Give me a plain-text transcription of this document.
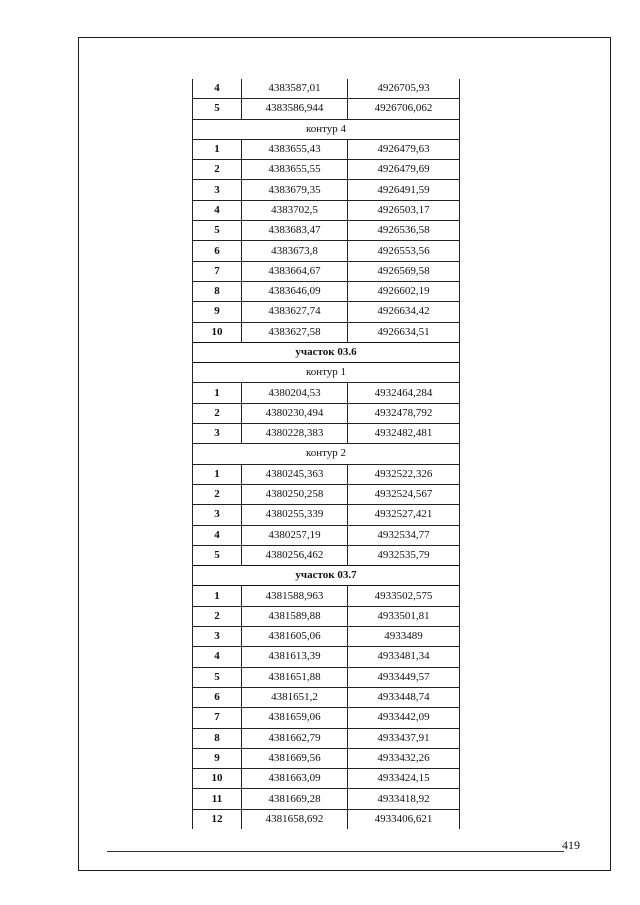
4	4383587,01	4926705,93
5	4383586,944	4926706,062
контур 4		
1	4383655,43	4926479,63
2	4383655,55	4926479,69
3	4383679,35	4926491,59
4	4383702,5	4926503,17
5	4383683,47	4926536,58
6	4383673,8	4926553,56
7	4383664,67	4926569,58
8	4383646,09	4926602,19
9	4383627,74	4926634,42
10	4383627,58	4926634,51
участок 03.6		
контур 1		
1	4380204,53	4932464,284
2	4380230,494	4932478,792
3	4380228,383	4932482,481
контур 2		
1	4380245,363	4932522,326
2	4380250,258	4932524,567
3	4380255,339	4932527,421
4	4380257,19	4932534,77
5	4380256,462	4932535,79
участок 03.7		
1	4381588,963	4933502,575
2	4381589,88	4933501,81
3	4381605,06	4933489
4	4381613,39	4933481,34
5	4381651,88	4933449,57
6	4381651,2	4933448,74
7	4381659,06	4933442,09
8	4381662,79	4933437,91
9	4381669,56	4933432,26
10	4381663,09	4933424,15
11	4381669,28	4933418,92
12	4381658,692	4933406,621
419
